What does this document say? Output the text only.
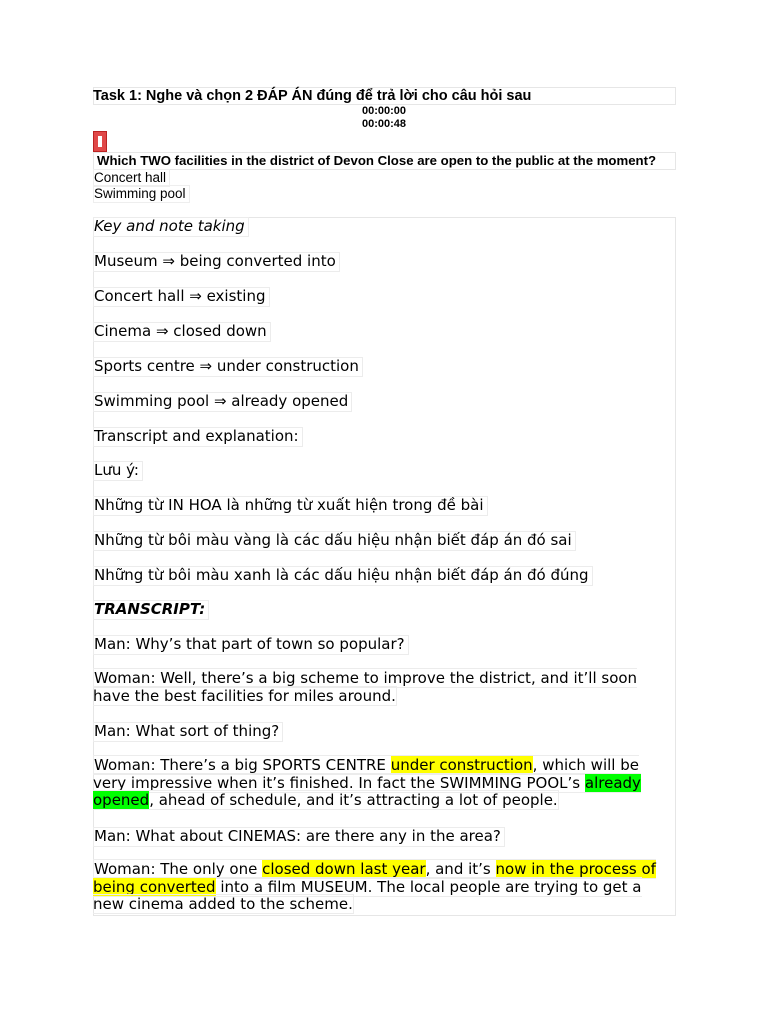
Task 1: Nghe và chọn 2 ĐÁP ÁN đúng để trả lời cho câu hỏi sau
00:00:00
00:00:48
Which TWO facilities in the district of Devon Close are open to the public at the moment?
Concert hall
Swimming pool
Key and note taking
Museum ⇒ being converted into
Concert hall ⇒ existing
Cinema ⇒ closed down
Sports centre ⇒ under construction
Swimming pool ⇒ already opened
Transcript and explanation:
Lưu ý:
Những từ IN HOA là những từ xuất hiện trong đề bài
Những từ bôi màu vàng là các dấu hiệu nhận biết đáp án đó sai
Những từ bôi màu xanh là các dấu hiệu nhận biết đáp án đó đúng
TRANSCRIPT:
Man: Why’s that part of town so popular?
Woman: Well, there’s a big scheme to improve the district, and it’ll soon have the best facilities for miles around.
Man: What sort of thing?
Woman: There’s a big SPORTS CENTRE under construction, which will be very impressive when it’s finished. In fact the SWIMMING POOL’s already opened, ahead of schedule, and it’s attracting a lot of people.
Man: What about CINEMAS: are there any in the area?
Woman: The only one closed down last year, and it’s now in the process of being converted into a film MUSEUM. The local people are trying to get a new cinema added to the scheme.
